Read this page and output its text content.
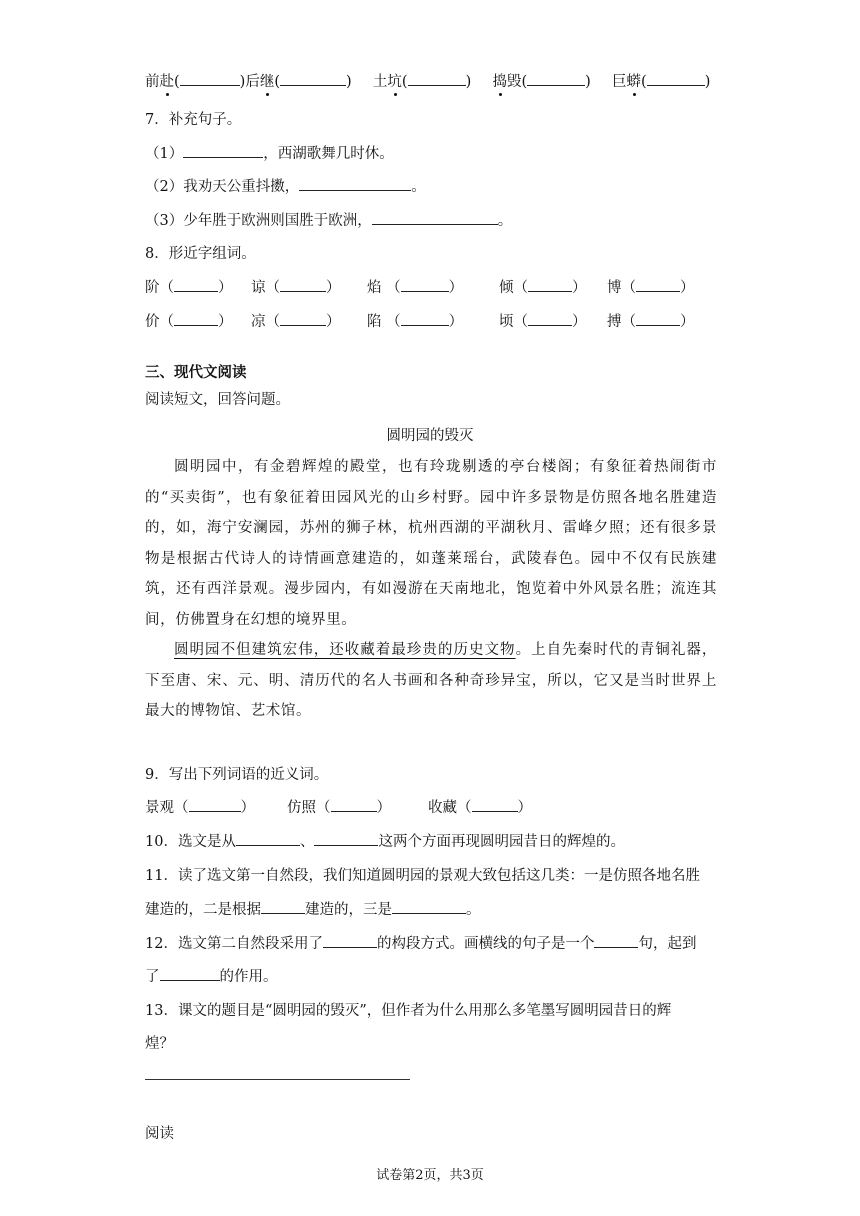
前赴(	)后继(	) 土坑(	) 捣毁(	) 巨蟒(	)
7．补充句子。
（1）	，西湖歌舞几时休。
（2）我劝天公重抖擞，	。
（3）少年胜于欧洲则国胜于欧洲，	。
8．形近字组词。
阶（	） 谅（	） 焰 （	） 倾（	） 博（	）
价（	） 凉（	） 陷 （	） 顷（	） 搏（	）
三、现代文阅读
阅读短文，回答问题。
圆明园的毁灭

圆明园中，有金碧辉煌的殿堂，也有玲珑剔透的亭台楼阁；有象征着热闹街市的“买卖街”，也有象征着田园风光的山乡村野。园中许多景物是仿照各地名胜建造的，如，海宁安澜园，苏州的狮子林，杭州西湖的平湖秋月、雷峰夕照；还有很多景物是根据古代诗人的诗情画意建造的，如蓬莱瑶台，武陵春色。园中不仅有民族建筑，还有西洋景观。漫步园内，有如漫游在天南地北，饱览着中外风景名胜；流连其间，仿佛置身在幻想的境界里。

圆明园不但建筑宏伟，还收藏着最珍贵的历史文物。上自先秦时代的青铜礼器，下至唐、宋、元、明、清历代的名人书画和各种奇珍异宝，所以，它又是当时世界上最大的博物馆、艺术馆。

9．写出下列词语的近义词。
景观（	） 仿照（	）	收藏（	）
10．选文是从	、	这两个方面再现圆明园昔日的辉煌的。
11．读了选文第一自然段，我们知道圆明园的景观大致包括这几类：一是仿照各地名胜
建造的，二是根据	建造的，三是	。
12．选文第二自然段采用了	的构段方式。画横线的句子是一个	句，起到
了	的作用。
13．课文的题目是“圆明园的毁灭”，但作者为什么用那么多笔墨写圆明园昔日的辉
煌？
阅读
试卷第2页，共3页
